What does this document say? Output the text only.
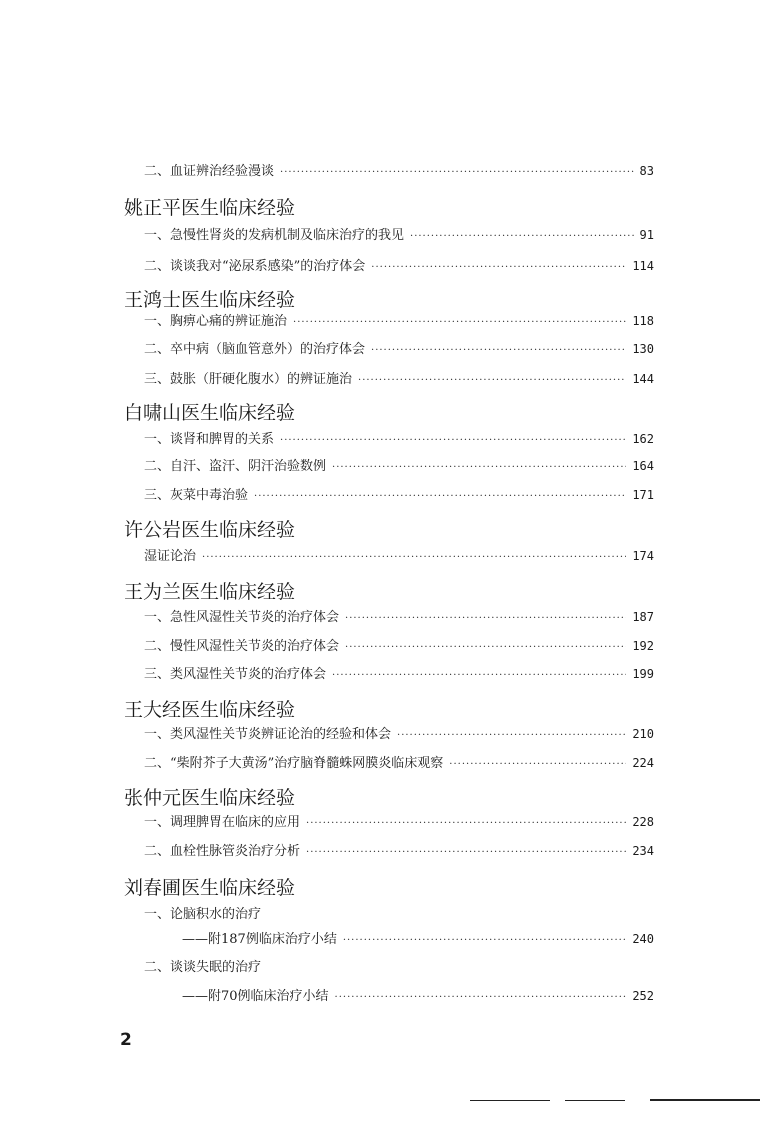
二、血证辨治经验漫谈 ·····	83
姚正平医生临床经验
一、急慢性肾炎的发病机制及临床治疗的我见 ·····	91
二、谈谈我对“泌尿系感染”的治疗体会 ·····	114
王鸿士医生临床经验
一、胸痹心痛的辨证施治 ·····	118
二、卒中病（脑血管意外）的治疗体会 ·····	130
三、鼓胀（肝硬化腹水）的辨证施治 ·····	144
白啸山医生临床经验
一、谈肾和脾胃的关系 ·····	162
二、自汗、盗汗、阴汗治验数例 ·····	164
三、灰菜中毒治验 ·····	171
许公岩医生临床经验
湿证论治 ·····	174
王为兰医生临床经验
一、急性风湿性关节炎的治疗体会 ·····	187
二、慢性风湿性关节炎的治疗体会 ·····	192
三、类风湿性关节炎的治疗体会 ·····	199
王大经医生临床经验
一、类风湿性关节炎辨证论治的经验和体会 ·····	210
二、“柴附芥子大黄汤”治疗脑脊髓蛛网膜炎临床观察 ·····	224
张仲元医生临床经验
一、调理脾胃在临床的应用 ·····	228
二、血栓性脉管炎治疗分析 ·····	234
刘春圃医生临床经验
一、论脑积水的治疗
——附187例临床治疗小结 ·····	240
二、谈谈失眠的治疗
——附70例临床治疗小结 ·····	252
2
